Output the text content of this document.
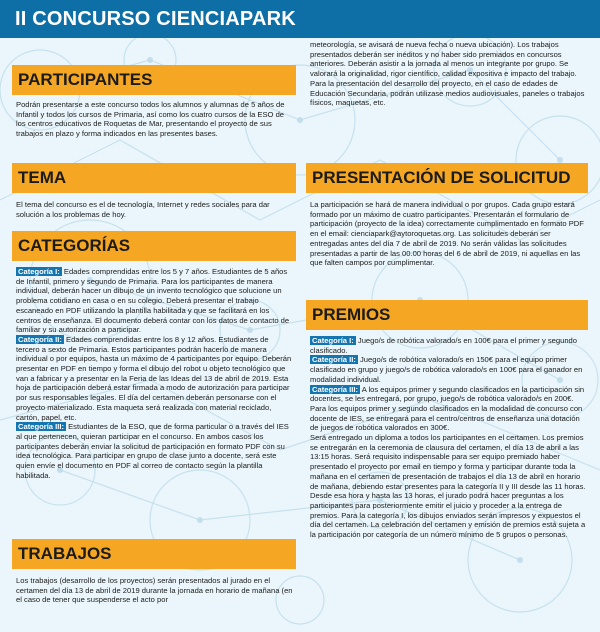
II CONCURSO CIENCIAPARK
PARTICIPANTES

Podrán presentarse a este concurso todos los alumnos y alumnas de 5 años de Infantil y todos los cursos de Primaria, así como los cuatro cursos de la ESO de los centros educativos de Roquetas de Mar, presentando el proyecto de sus trabajos en plazo y forma indicados en las presentes bases.

TEMA

El tema del concurso es el de tecnología, Internet y redes sociales para dar solución a los problemas de hoy.

CATEGORÍAS

Categoría I: Edades comprendidas entre los 5 y 7 años. Estudiantes de 5 años de Infantil, primero y segundo de Primaria. Para los participantes de manera individual, deberán hacer un dibujo de un invento tecnológico que solucione un problema cotidiano en casa o en su colegio. Deberá presentar el trabajo escaneado en PDF utilizando la plantilla habilitada y que se facilitará en los centros de enseñanza. El documento deberá contar con los datos de contacto de familiar y su autorización a participar.

Categoría II: Edades comprendidas entre los 8 y 12 años. Estudiantes de tercero a sexto de Primaria. Estos participantes podrán hacerlo de manera individual o por equipos, hasta un máximo de 4 participantes por equipo. Deberán presentar en PDF en tiempo y forma el dibujo del robot u objeto tecnológico que van a fabricar y a presentar en la Feria de las Ideas del 13 de abril de 2019. Esta hoja de participación deberá estar firmada a modo de autorización para participar por sus responsables legales. El día del certamen deberán personarse con el proyecto materializado. Esta maqueta será realizada con material reciclado, cartón, papel, etc.

Categoría III: Estudiantes de la ESO, que de forma particular o a través del IES al que pertenecen, quieran participar en el concurso. En ambos casos los participantes deberán enviar la solicitud de participación en formato PDF con su idea tecnológica. Para participar en grupo de clase junto a docente, será este quien envíe el documento en PDF al correo de contacto según la plantilla habilitada.

TRABAJOS

Los trabajos (desarrollo de los proyectos) serán presentados al jurado en el certamen del día 13 de abril de 2019 durante la jornada en horario de mañana (en el caso de tener que suspenderse el acto por

meteorología, se avisará de nueva fecha o nueva ubicación). Los trabajos presentados deberán ser inéditos y no haber sido premiados en concursos anteriores. Deberán asistir a la jornada al menos un integrante por grupo. Se valorará la originalidad, rigor científico, calidad expositiva e impacto del trabajo. Para la presentación del desarrollo del proyecto, en el caso de edades de Educación Secundaria, podrán utilizase medios audiovisuales, paneles o trabajos físicos, maquetas, etc.

PRESENTACIÓN DE SOLICITUD

La participación se hará de manera individual o por grupos. Cada grupo estará formado por un máximo de cuatro participantes. Presentarán el formulario de participación (proyecto de la idea) correctamente cumplimentado en formato PDF en el email: cienciapark@aytoroquetas.org. Las solicitudes deberán ser entregadas antes del día 7 de abril de 2019. No serán válidas las solicitudes presentadas a partir de las 00.00 horas del 6 de abril de 2019, ni aquellas en las que falten campos por cumplimentar.

PREMIOS

Categoría I: Juego/s de robótica valorado/s en 100€ para el primer y segundo clasificado.

Categoría II: Juego/s de robótica valorado/s en 150€ para el equipo primer clasificado en grupo y juego/s de robótica valorado/s en 100€ para el ganador en modalidad individual.

Categoría III: A los equipos primer y segundo clasificados en la participación sin docentes, se les entregará, por grupo, juego/s de robótica valorado/s en 200€. Para los equipos primer y segundo clasificados en la modalidad de concurso con docente de IES, se entregará para el centro/centros de enseñanza una dotación de juegos de robótica valorados en 300€.

Será entregado un diploma a todos los participantes en el certamen. Los premios se entregarán en la ceremonia de clausura del certamen, el día 13 de abril a las 13:15 horas. Será requisito indispensable para ser equipo premiado haber presentado el proyecto por email en tiempo y forma y participar durante toda la mañana en el certamen de presentación de trabajos el día 13 de abril en horario de mañana, debiendo estar presentes para la categoría II y III desde las 11 horas. Desde esa hora y hasta las 13 horas, el jurado podrá hacer preguntas a los participantes para posteriormente emitir el juicio y proceder a la entrega de premios. Para la categoría I, los dibujos enviados serán impresos y expuestos el día del certamen. La celebración del certamen y emisión de premios está sujeta a la participación por categoría de un número mínimo de 5 grupos o personas.
